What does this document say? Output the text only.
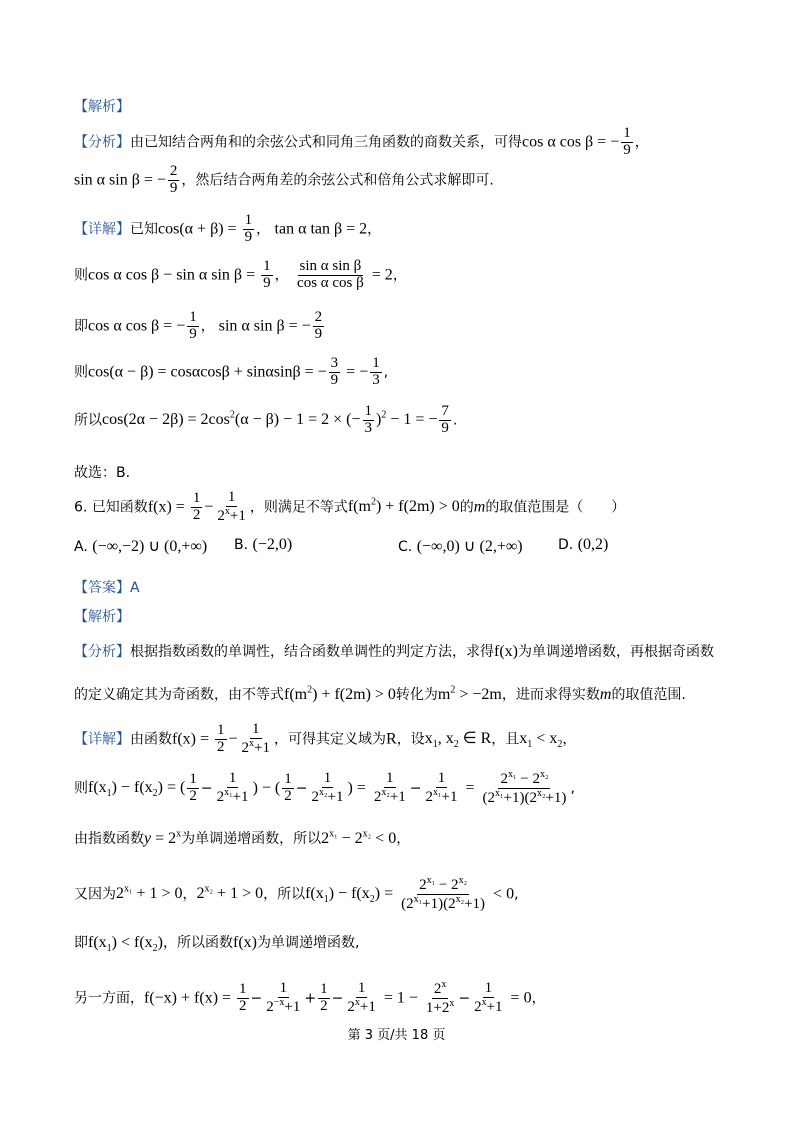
【解析】
【分析】由已知结合两角和的余弦公式和同角三角函数的商数关系，可得cos α cos β = − $\frac{1}{9}$ ，
sin α sin β = − $\frac{2}{9}$ ，然后结合两角差的余弦公式和倍角公式求解即可.
【详解】已知$\cos(\alpha + \beta) = \frac{1}{9}$ ， tan α tan β = 2，
则cos α cos β − sin α $\sin \beta = \frac{1}{9}$ ， $\frac{\text{sin α sin β}}{\text{cos α cos β}} = 2$，
即cos α cos β = − $\frac{1}{9}$ ， sin α sin β = − $\frac{2}{9}$
则cos(α − β) = cosαcosβ + sinαsinβ = − $\frac{3}{9}$ = − $\frac{1}{3}$ ,
所以$\cos(2\alpha - 2\beta) = 2\cos^2(\alpha - \beta) - 1 = 2$ × (− $\frac{1}{3} )^2 - 1$ = − $\frac{7}{9}$ .
故选：B.
6. 已知函数$f(x) = \frac{1}{2} - \frac{1}{2^x+1}$ ，则满足不等式$f(m^2) + f(2m) > 0$的m的取值范围是（　　）
A. (−∞,−2) ∪ (0,+∞) B. (−2,0)	C. (−∞,0) ∪ (2,+∞)	D. (0,2)
【答案】A
【解析】
【分析】根据指数函数的单调性，结合函数单调性的判定方法，求得f(x)为单调递增函数，再根据奇函数
的定义确定其为奇函数，由不等式$f(m^2) + f(2m) > 0$转化为$m^2 > -2m$，进而求得实数m的取值范围.
【详解】由函数$f(x) = \frac{1}{2} - \frac{1}{2^x+1}$ ，可得其定义域为R，设$x_1$, $x_2$ ∈ R，且$x_1 < x_2$，
则$f(x_1) - f(x_2)$ = ( $\frac{1}{2} - \frac{1}{2^{x_1}+1}$ ) − ( $\frac{1}{2} - \frac{1}{2^{x_2}+1}$ ) = $\frac{1}{2^{x_2}+1} - \frac{1}{2^{x_1}+1} = \frac{2^{x_1} - 2^{x_2}}{(2^{x_1}+1)(2^{x_2}+1)}$ ,
由指数函数$y = 2^x$为单调递增函数，所以$2^{x_1} - 2^{x_2} < 0$，
又因为$2^{x_1} + 1 > 0$，$2^{x_2} + 1 > 0$，所以$f(x_1) - f(x_2) = \frac{2^{x_1} - 2^{x_2}}{(2^{x_1}+1)(2^{x_2}+1)} < 0$,
即$f(x_1) < f(x_2)$，所以函数f(x)为单调递增函数,
另一方面，$f(-x) + f(x) = \frac{1}{2} - \frac{1}{2^{-x}+1} + \frac{1}{2} - \frac{1}{2^x+1} = 1 - \frac{2^x}{1+2^x} - \frac{1}{2^x+1} = 0$，
第 3 页/共 18 页
